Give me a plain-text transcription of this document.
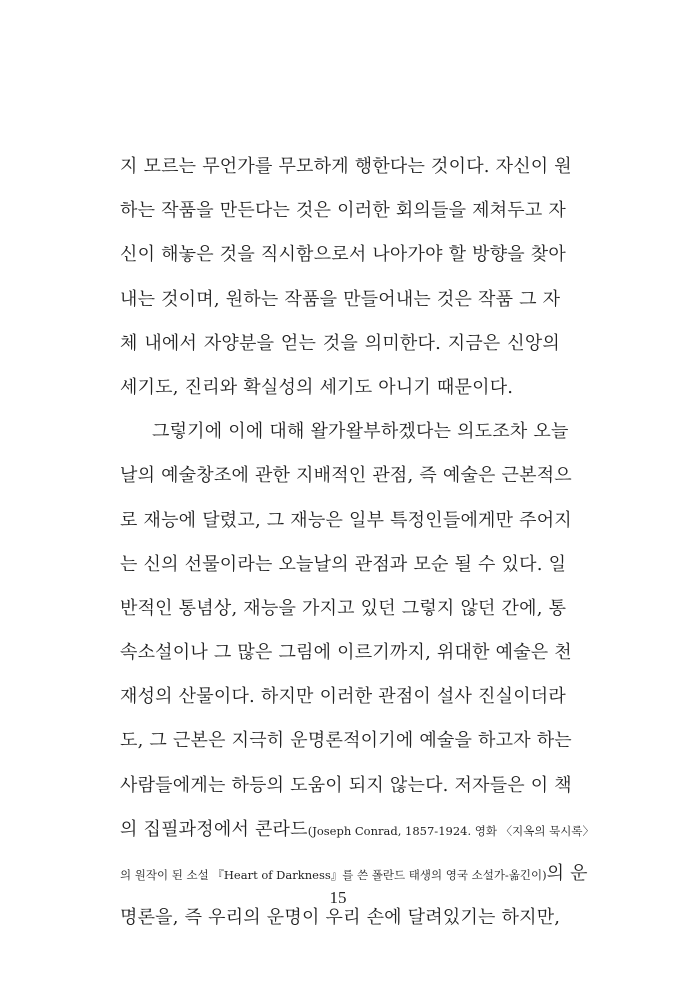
지 모르는 무언가를 무모하게 행한다는 것이다. 자신이 원
하는 작품을 만든다는 것은 이러한 회의들을 제쳐두고 자
신이 해놓은 것을 직시함으로서 나아가야 할 방향을 찾아
내는 것이며, 원하는 작품을 만들어내는 것은 작품 그 자
체 내에서 자양분을 얻는 것을 의미한다. 지금은 신앙의
세기도, 진리와 확실성의 세기도 아니기 때문이다.
그렇기에 이에 대해 왈가왈부하겠다는 의도조차 오늘
날의 예술창조에 관한 지배적인 관점, 즉 예술은 근본적으
로 재능에 달렸고, 그 재능은 일부 특정인들에게만 주어지
는 신의 선물이라는 오늘날의 관점과 모순 될 수 있다. 일
반적인 통념상, 재능을 가지고 있던 그렇지 않던 간에, 통
속소설이나 그 많은 그림에 이르기까지, 위대한 예술은 천
재성의 산물이다. 하지만 이러한 관점이 설사 진실이더라
도, 그 근본은 지극히 운명론적이기에 예술을 하고자 하는
사람들에게는 하등의 도움이 되지 않는다. 저자들은 이 책
의 집필과정에서 콘라드(Joseph Conrad, 1857-1924. 영화 〈지옥의 묵시록〉
의 원작이 된 소설 『Heart of Darkness』를 쓴 폴란드 태생의 영국 소설가-옮긴이)의 운
명론을, 즉 우리의 운명이 우리 손에 달려있기는 하지만,
15
